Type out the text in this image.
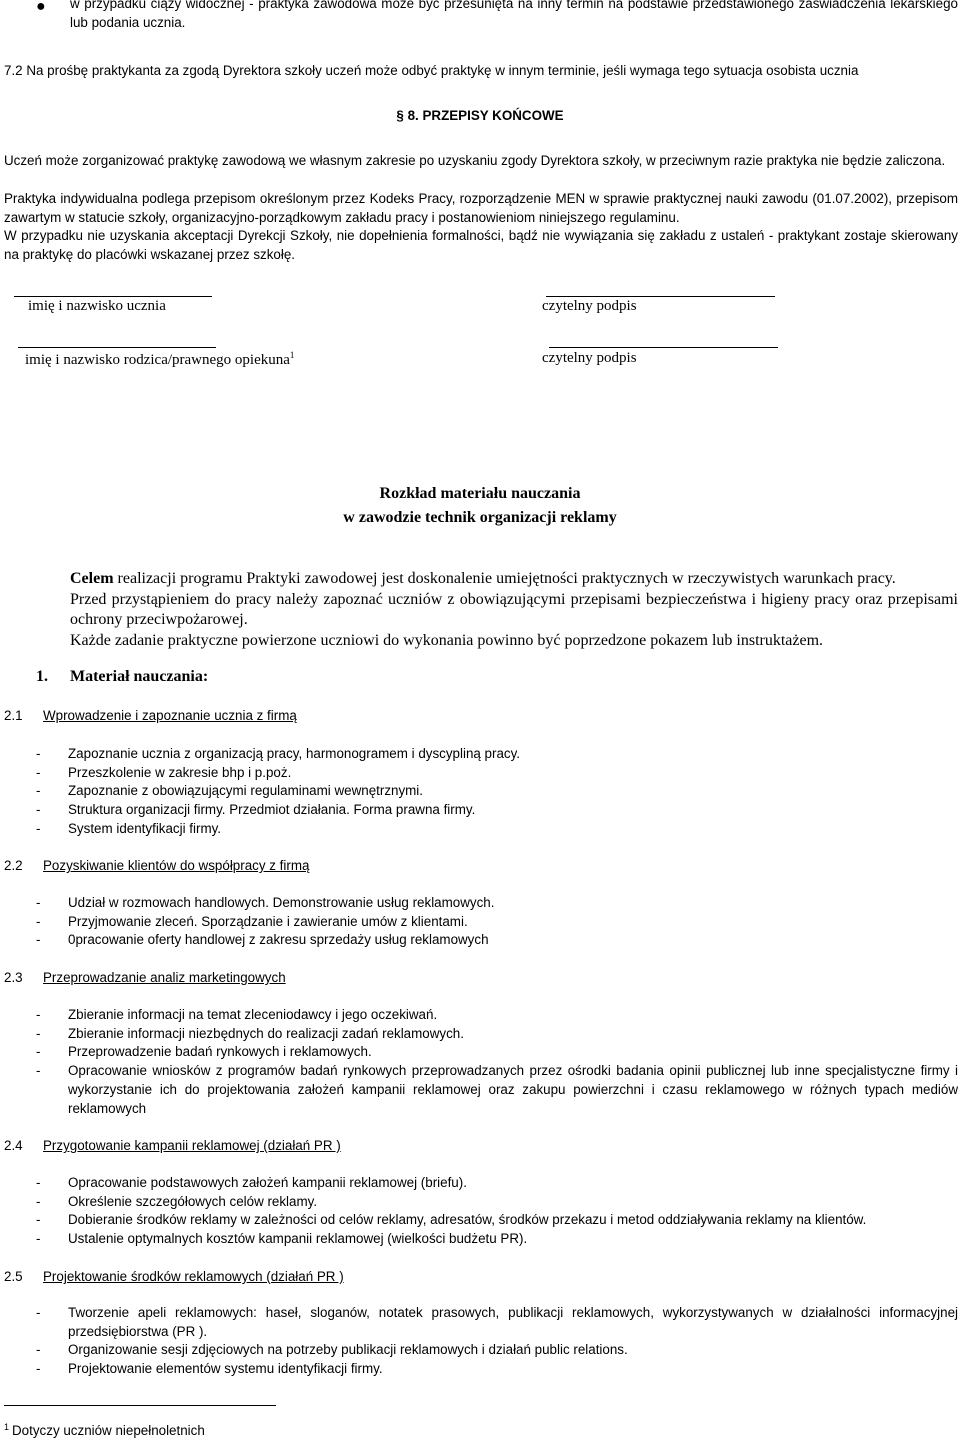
● w przypadku ciąży widocznej - praktyka zawodowa może być przesunięta na inny termin na podstawie przedstawionego zaświadczenia lekarskiego lub podania ucznia.
7.2 Na prośbę praktykanta za zgodą Dyrektora szkoły uczeń może odbyć praktykę w innym terminie, jeśli wymaga tego sytuacja osobista ucznia
§ 8. PRZEPISY KOŃCOWE
Uczeń może zorganizować praktykę zawodową we własnym zakresie po uzyskaniu zgody Dyrektora szkoły, w przeciwnym razie praktyka nie będzie zaliczona.
Praktyka indywidualna podlega przepisom określonym przez Kodeks Pracy, rozporządzenie MEN w sprawie praktycznej nauki zawodu (01.07.2002), przepisom zawartym w statucie szkoły, organizacyjno-porządkowym zakładu pracy i postanowieniom niniejszego regulaminu.
W przypadku nie uzyskania akceptacji Dyrekcji Szkoły, nie dopełnienia formalności, bądź nie wywiązania się zakładu z ustaleń - praktykant zostaje skierowany na praktykę do placówki wskazanej przez szkołę.
imię i nazwisko ucznia	czytelny podpis
imię i nazwisko rodzica/prawnego opiekuna$^1$	czytelny podpis
Rozkład materiału nauczania
w zawodzie technik organizacji reklamy
Celem realizacji programu Praktyki zawodowej jest doskonalenie umiejętności praktycznych w rzeczywistych warunkach pracy.
Przed przystąpieniem do pracy należy zapoznać uczniów z obowiązującymi przepisami bezpieczeństwa i higieny pracy oraz przepisami ochrony przeciwpożarowej.
Każde zadanie praktyczne powierzone uczniowi do wykonania powinno być poprzedzone pokazem lub instruktażem.
1. Materiał nauczania:
2.1 Wprowadzenie i zapoznanie ucznia z firmą
- Zapoznanie ucznia z organizacją pracy, harmonogramem i dyscypliną pracy.
- Przeszkolenie w zakresie bhp i p.poż.
- Zapoznanie z obowiązującymi regulaminami wewnętrznymi.
- Struktura organizacji firmy. Przedmiot działania. Forma prawna firmy.
- System identyfikacji firmy.
2.2 Pozyskiwanie klientów do współpracy z firmą
- Udział w rozmowach handlowych. Demonstrowanie usług reklamowych.
- Przyjmowanie zleceń. Sporządzanie i zawieranie umów z klientami.
- 0pracowanie oferty handlowej z zakresu sprzedaży usług reklamowych
2.3 Przeprowadzanie analiz marketingowych
- Zbieranie informacji na temat zleceniodawcy i jego oczekiwań.
- Zbieranie informacji niezbędnych do realizacji zadań reklamowych.
- Przeprowadzenie badań rynkowych i reklamowych.
- Opracowanie wniosków z programów badań rynkowych przeprowadzanych przez ośrodki badania opinii publicznej lub inne specjalistyczne firmy i wykorzystanie ich do projektowania założeń kampanii reklamowej oraz zakupu powierzchni i czasu reklamowego w różnych typach mediów reklamowych
2.4 Przygotowanie kampanii reklamowej (działań PR )
- Opracowanie podstawowych założeń kampanii reklamowej (briefu).
- Określenie szczegółowych celów reklamy.
- Dobieranie środków reklamy w zależności od celów reklamy, adresatów, środków przekazu i metod oddziaływania reklamy na klientów.
- Ustalenie optymalnych kosztów kampanii reklamowej (wielkości budżetu PR).
2.5 Projektowanie środków reklamowych (działań PR )
- Tworzenie apeli reklamowych: haseł, sloganów, notatek prasowych, publikacji reklamowych, wykorzystywanych w działalności informacyjnej przedsiębiorstwa (PR ).
- Organizowanie sesji zdjęciowych na potrzeby publikacji reklamowych i działań public relations.
- Projektowanie elementów systemu identyfikacji firmy.
$^1$ Dotyczy uczniów niepełnoletnich
